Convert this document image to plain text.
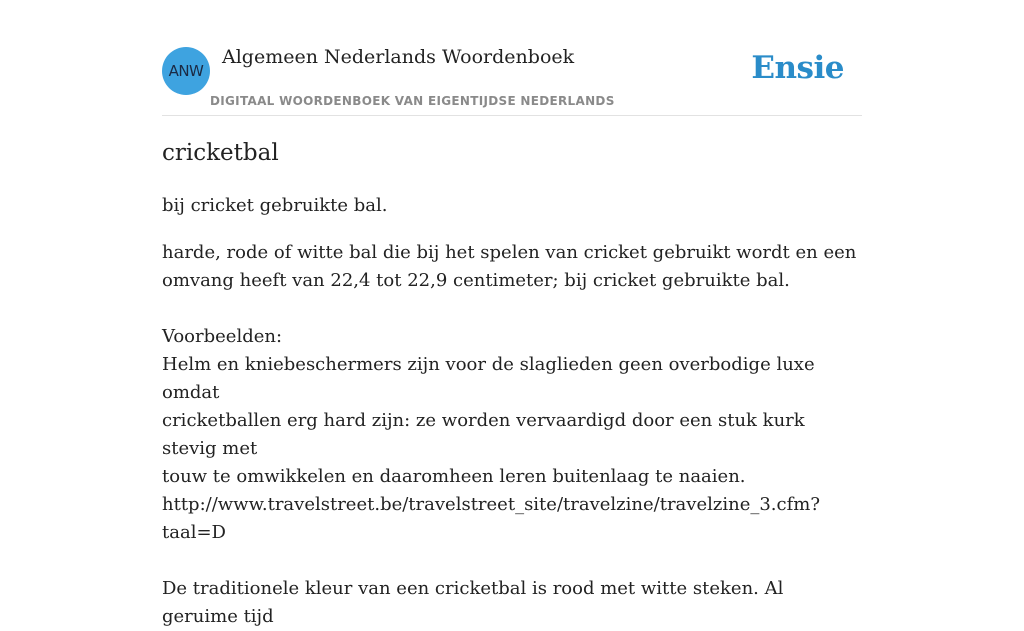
ANW
Algemeen Nederlands Woordenboek
DIGITAAL WOORDENBOEK VAN EIGENTIJDSE NEDERLANDS
Ensie
cricketbal
bij cricket gebruikte bal.

harde, rode of witte bal die bij het spelen van cricket gebruikt wordt en een

omvang heeft van 22,4 tot 22,9 centimeter; bij cricket gebruikte bal.

Voorbeelden:

Helm en kniebeschermers zijn voor de slaglieden geen overbodige luxe omdat

cricketballen erg hard zijn: ze worden vervaardigd door een stuk kurk stevig met

touw te omwikkelen en daaromheen leren buitenlaag te naaien.

http://www.travelstreet.be/travelstreet_site/travelzine/travelzine_3.cfm?taal=D

De traditionele kleur van een cricketbal is rood met witte steken. Al geruime tijd
